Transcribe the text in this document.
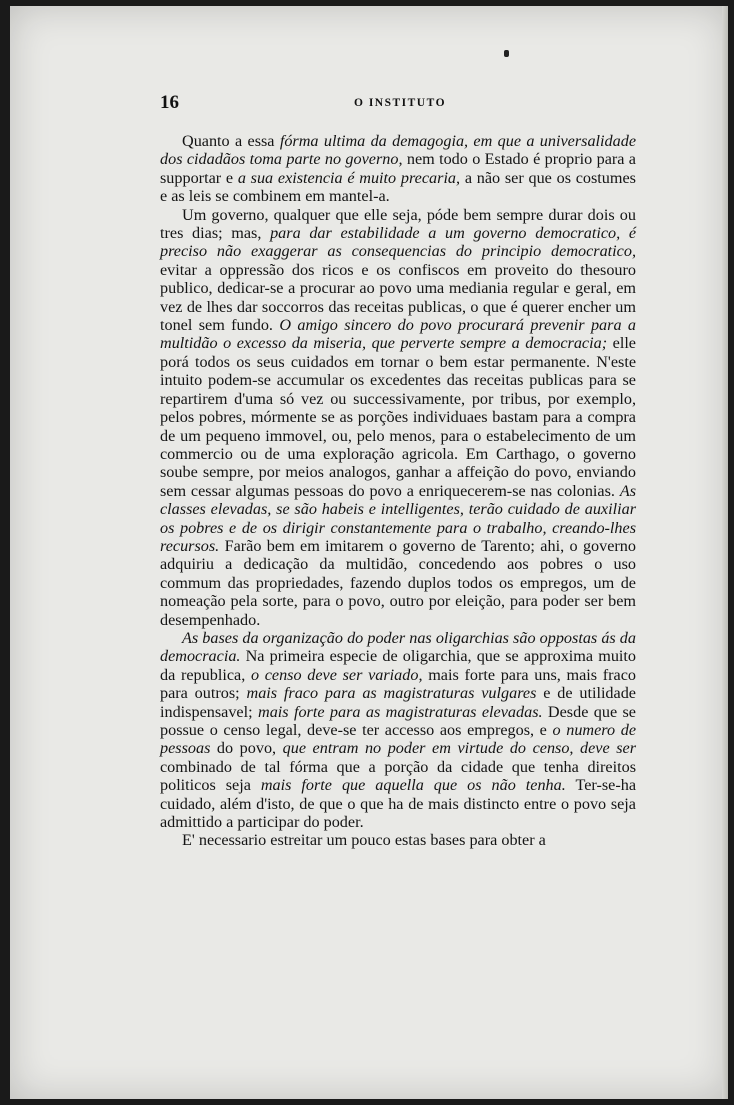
16	O INSTITUTO

Quanto a essa fórma ultima da demagogia, em que a universalidade dos cidadãos toma parte no governo, nem todo o Estado é proprio para a supportar e a sua existencia é muito precaria, a não ser que os costumes e as leis se combinem em mantel-a.

Um governo, qualquer que elle seja, póde bem sempre durar dois ou tres dias; mas, para dar estabilidade a um governo democratico, é preciso não exaggerar as consequencias do principio democratico, evitar a oppressão dos ricos e os confiscos em proveito do thesouro publico, dedicar-se a procurar ao povo uma mediania regular e geral, em vez de lhes dar soccorros das receitas publicas, o que é querer encher um tonel sem fundo. O amigo sincero do povo procurará prevenir para a multidão o excesso da miseria, que perverte sempre a democracia; elle porá todos os seus cuidados em tornar o bem estar permanente. N'este intuito podem-se accumular os excedentes das receitas publicas para se repartirem d'uma só vez ou successivamente, por tribus, por exemplo, pelos pobres, mórmente se as porções individuaes bastam para a compra de um pequeno immovel, ou, pelo menos, para o estabelecimento de um commercio ou de uma exploração agricola. Em Carthago, o governo soube sempre, por meios analogos, ganhar a affeição do povo, enviando sem cessar algumas pessoas do povo a enriquecerem-se nas colonias. As classes elevadas, se são habeis e intelligentes, terão cuidado de auxiliar os pobres e de os dirigir constantemente para o trabalho, creando-lhes recursos. Farão bem em imitarem o governo de Tarento; ahi, o governo adquiriu a dedicação da multidão, concedendo aos pobres o uso commum das propriedades, fazendo duplos todos os empregos, um de nomeação pela sorte, para o povo, outro por eleição, para poder ser bem desempenhado.

As bases da organização do poder nas oligarchias são oppostas ás da democracia. Na primeira especie de oligarchia, que se approxima muito da republica, o censo deve ser variado, mais forte para uns, mais fraco para outros; mais fraco para as magistraturas vulgares e de utilidade indispensavel; mais forte para as magistraturas elevadas. Desde que se possue o censo legal, deve-se ter accesso aos empregos, e o numero de pessoas do povo, que entram no poder em virtude do censo, deve ser combinado de tal fórma que a porção da cidade que tenha direitos politicos seja mais forte que aquella que os não tenha. Ter-se-ha cuidado, além d'isto, de que o que ha de mais distincto entre o povo seja admittido a participar do poder.

E' necessario estreitar um pouco estas bases para obter a
